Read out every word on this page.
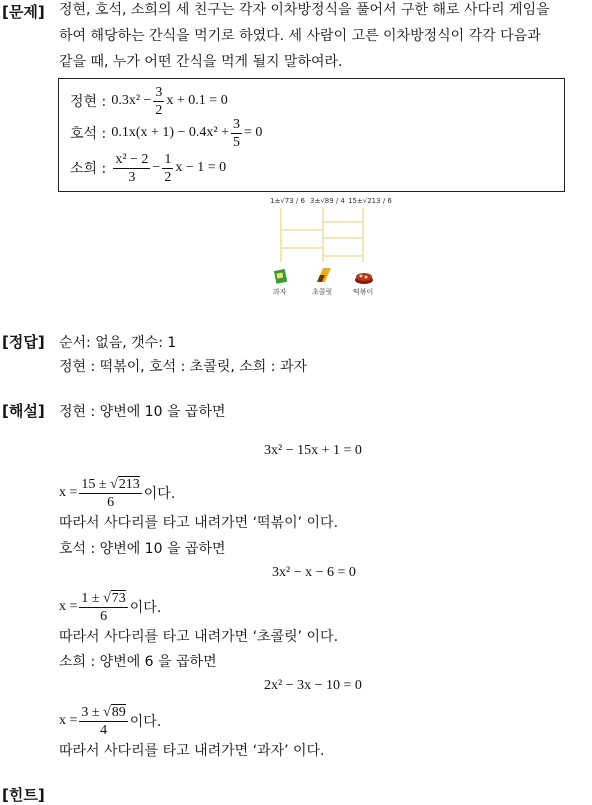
[문제] 정현, 호석, 소희의 세 친구는 각자 이차방정식을 풀어서 구한 해로 사다리 게임을
하여 해당하는 간식을 먹기로 하였다. 세 사람이 고른 이차방정식이 각각 다음과
같을 때, 누가 어떤 간식을 먹게 될지 말하여라.
정현 :
$0.3x^2 - \frac{3}{2}$ x + 0.1 = 0
호석 :
$0.1x(x + 1) - 0.4x^2 + \frac{3}{5} = 0$
소희 :
$\frac{\text{x² − 2}}{3} - \frac{1}{2}$ x − 1 = 0
1±√73 / 6 3±√89 / 4 15±√213 / 6
과자	초콜릿	떡볶이
[정답] 순서: 없음, 갯수: 1
정현 : 떡볶이, 호석 : 초콜릿, 소희 : 과자
[해설] 정현 : 양변에 10 을 곱하면
3x² − 15x + 1 = 0
$x = \frac{15 \pm √213}{6}$ 이다.
따라서 사다리를 타고 내려가면 ‘떡볶이’ 이다.
호석 : 양변에 10 을 곱하면
3x² − x − 6 = 0
$x = \frac{1 \pm √73}{6}$ 이다.
따라서 사다리를 타고 내려가면 ‘초콜릿’ 이다.
소희 : 양변에 6 을 곱하면
2x² − 3x − 10 = 0
$x = \frac{3 \pm √89}{4}$ 이다.
따라서 사다리를 타고 내려가면 ‘과자’ 이다.
[힌트]
